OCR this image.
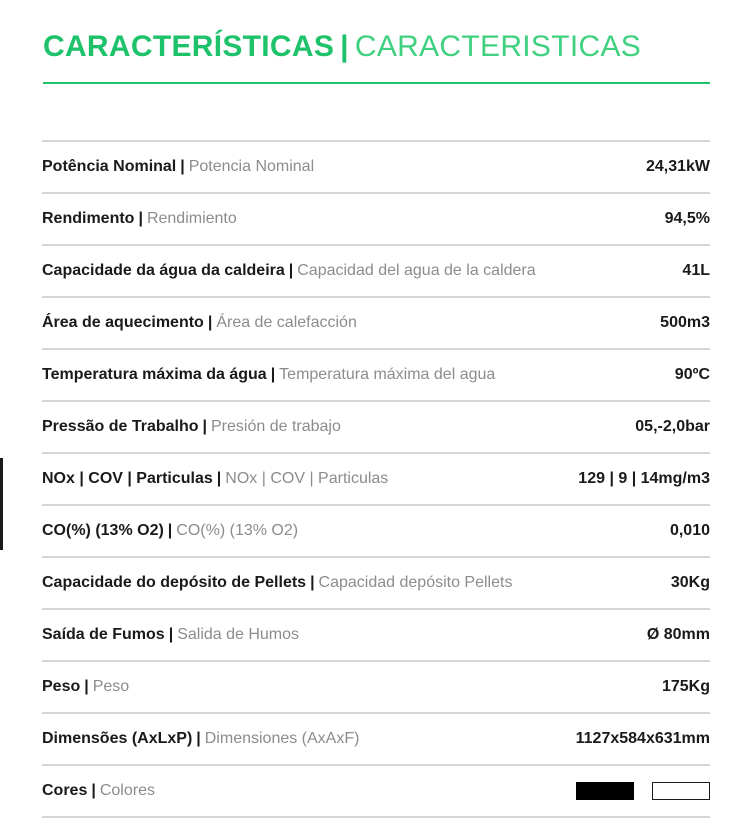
CARACTERÍSTICAS | CARACTERISTICAS
Potência Nominal | Potencia Nominal	24,31kW
Rendimento | Rendimiento	94,5%
Capacidade da água da caldeira | Capacidad del agua de la caldera	41L
Área de aquecimento | Área de calefacción	500m3
Temperatura máxima da água | Temperatura máxima del agua	90ºC
Pressão de Trabalho | Presión de trabajo	05,-2,0bar
NOx | COV | Particulas | NOx | COV | Particulas	129 | 9 | 14mg/m3
CO(%) (13% O2) | CO(%) (13% O2)	0,010
Capacidade do depósito de Pellets | Capacidad depósito Pellets	30Kg
Saída de Fumos | Salida de Humos	Ø 80mm
Peso | Peso	175Kg
Dimensões (AxLxP) | Dimensiones (AxAxF)	1127x584x631mm
Cores | Colores
